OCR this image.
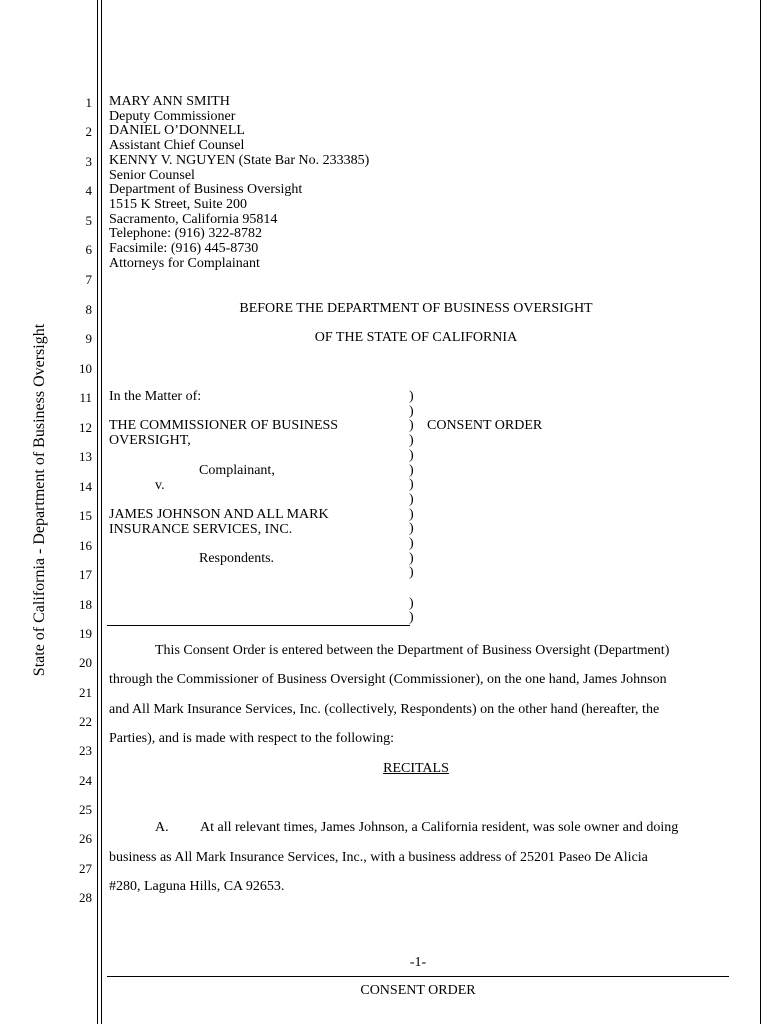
State of California - Department of Business Oversight
1
2
3
4
5
6
7
8
9
10
11
12
13
14
15
16
17
18
19
20
21
22
23
24
25
26
27
28
MARY ANN SMITH
Deputy Commissioner
DANIEL O’DONNELL
Assistant Chief Counsel
KENNY V. NGUYEN (State Bar No. 233385)
Senior Counsel
Department of Business Oversight
1515 K Street, Suite 200
Sacramento, California 95814
Telephone: (916) 322-8782
Facsimile: (916) 445-8730
Attorneys for Complainant
BEFORE THE DEPARTMENT OF BUSINESS OVERSIGHT
OF THE STATE OF CALIFORNIA
In the Matter of:
THE COMMISSIONER OF BUSINESS
OVERSIGHT,
Complainant,
v.
JAMES JOHNSON AND ALL MARK
INSURANCE SERVICES, INC.
Respondents.
CONSENT ORDER
)
)
)
)
)
)
)
)
)
)
)
)
)
)
)
This Consent Order is entered between the Department of Business Oversight (Department)
through the Commissioner of Business Oversight (Commissioner), on the one hand, James Johnson
and All Mark Insurance Services, Inc. (collectively, Respondents) on the other hand (hereafter, the
Parties), and is made with respect to the following:
RECITALS
A. At all relevant times, James Johnson, a California resident, was sole owner and doing
business as All Mark Insurance Services, Inc., with a business address of 25201 Paseo De Alicia
#280, Laguna Hills, CA 92653.
-1-
CONSENT ORDER
